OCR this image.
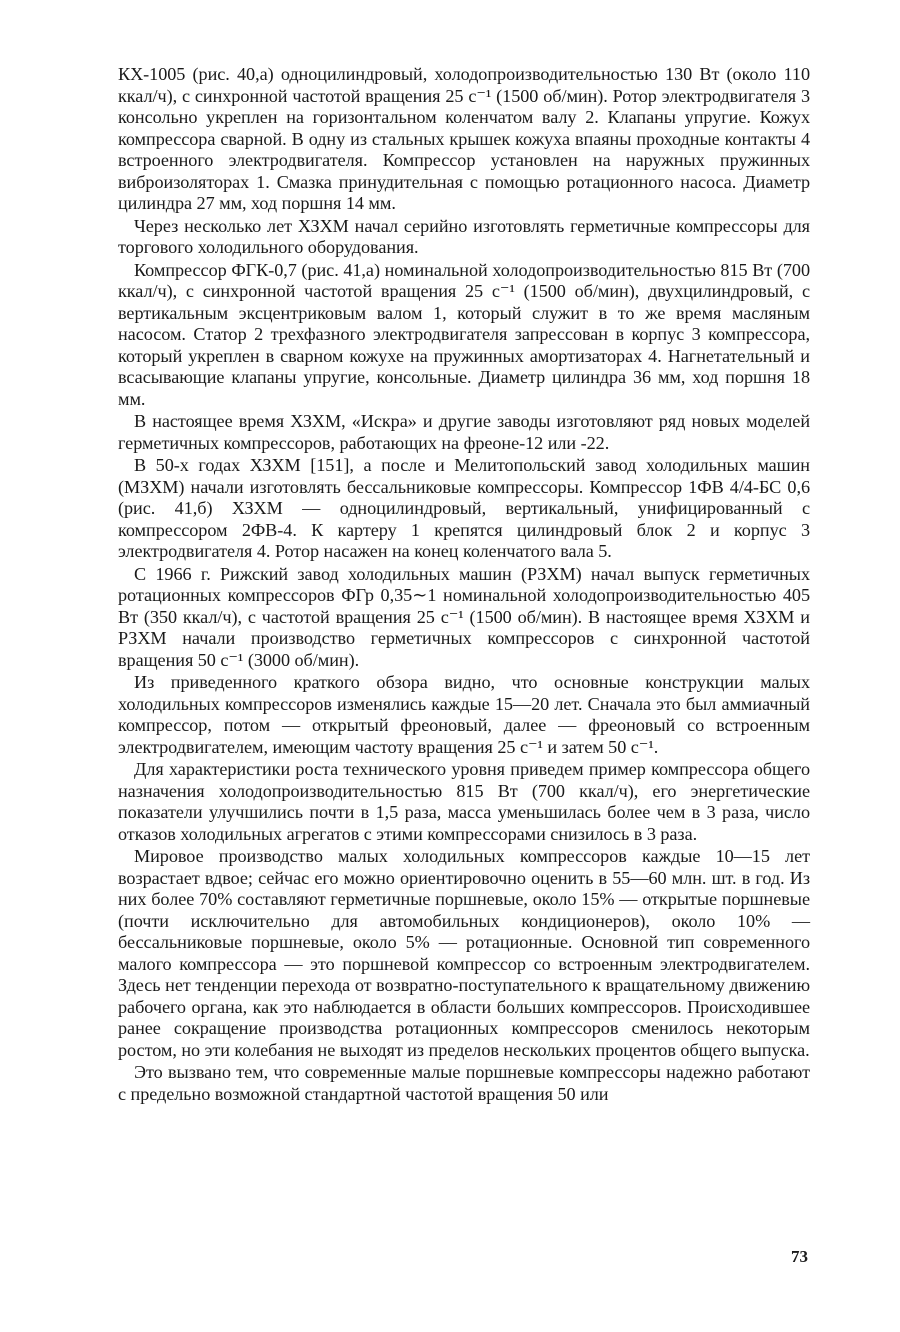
КХ-1005 (рис. 40,а) одноцилиндровый, холодопроизводительностью 130 Вт (около 110 ккал/ч), с синхронной частотой вращения 25 с⁻¹ (1500 об/мин). Ротор электродвигателя 3 консольно укреплен на горизонтальном коленчатом валу 2. Клапаны упругие. Кожух компрессора сварной. В одну из стальных крышек кожуха впаяны проходные контакты 4 встроенного электродвигателя. Компрессор установлен на наружных пружинных виброизоляторах 1. Смазка принудительная с помощью ротационного насоса. Диаметр цилиндра 27 мм, ход поршня 14 мм.

Через несколько лет ХЗХМ начал серийно изготовлять герметичные компрессоры для торгового холодильного оборудования.

Компрессор ФГК-0,7 (рис. 41,а) номинальной холодопроизводительностью 815 Вт (700 ккал/ч), с синхронной частотой вращения 25 с⁻¹ (1500 об/мин), двухцилиндровый, с вертикальным эксцентриковым валом 1, который служит в то же время масляным насосом. Статор 2 трехфазного электродвигателя запрессован в корпус 3 компрессора, который укреплен в сварном кожухе на пружинных амортизаторах 4. Нагнетательный и всасывающие клапаны упругие, консольные. Диаметр цилиндра 36 мм, ход поршня 18 мм.

В настоящее время ХЗХМ, «Искра» и другие заводы изготовляют ряд новых моделей герметичных компрессоров, работающих на фреоне-12 или -22.

В 50-х годах ХЗХМ [151], а после и Мелитопольский завод холодильных машин (МЗХМ) начали изготовлять бессальниковые компрессоры. Компрессор 1ФВ 4/4-БС 0,6 (рис. 41,б) ХЗХМ — одноцилиндровый, вертикальный, унифицированный с компрессором 2ФВ-4. К картеру 1 крепятся цилиндровый блок 2 и корпус 3 электродвигателя 4. Ротор насажен на конец коленчатого вала 5.

С 1966 г. Рижский завод холодильных машин (РЗХМ) начал выпуск герметичных ротационных компрессоров ФГр 0,35∼1 номинальной холодопроизводительностью 405 Вт (350 ккал/ч), с частотой вращения 25 с⁻¹ (1500 об/мин). В настоящее время ХЗХМ и РЗХМ начали производство герметичных компрессоров с синхронной частотой вращения 50 с⁻¹ (3000 об/мин).

Из приведенного краткого обзора видно, что основные конструкции малых холодильных компрессоров изменялись каждые 15—20 лет. Сначала это был аммиачный компрессор, потом — открытый фреоновый, далее — фреоновый со встроенным электродвигателем, имеющим частоту вращения 25 с⁻¹ и затем 50 с⁻¹.

Для характеристики роста технического уровня приведем пример компрессора общего назначения холодопроизводительностью 815 Вт (700 ккал/ч), его энергетические показатели улучшились почти в 1,5 раза, масса уменьшилась более чем в 3 раза, число отказов холодильных агрегатов с этими компрессорами снизилось в 3 раза.

Мировое производство малых холодильных компрессоров каждые 10—15 лет возрастает вдвое; сейчас его можно ориентировочно оценить в 55—60 млн. шт. в год. Из них более 70% составляют герметичные поршневые, около 15% — открытые поршневые (почти исключительно для автомобильных кондиционеров), около 10% — бессальниковые поршневые, около 5% — ротационные. Основной тип современного малого компрессора — это поршневой компрессор со встроенным электродвигателем. Здесь нет тенденции перехода от возвратно-поступательного к вращательному движению рабочего органа, как это наблюдается в области больших компрессоров. Происходившее ранее сокращение производства ротационных компрессоров сменилось некоторым ростом, но эти колебания не выходят из пределов нескольких процентов общего выпуска.

Это вызвано тем, что современные малые поршневые компрессоры надежно работают с предельно возможной стандартной частотой вращения 50 или

73
